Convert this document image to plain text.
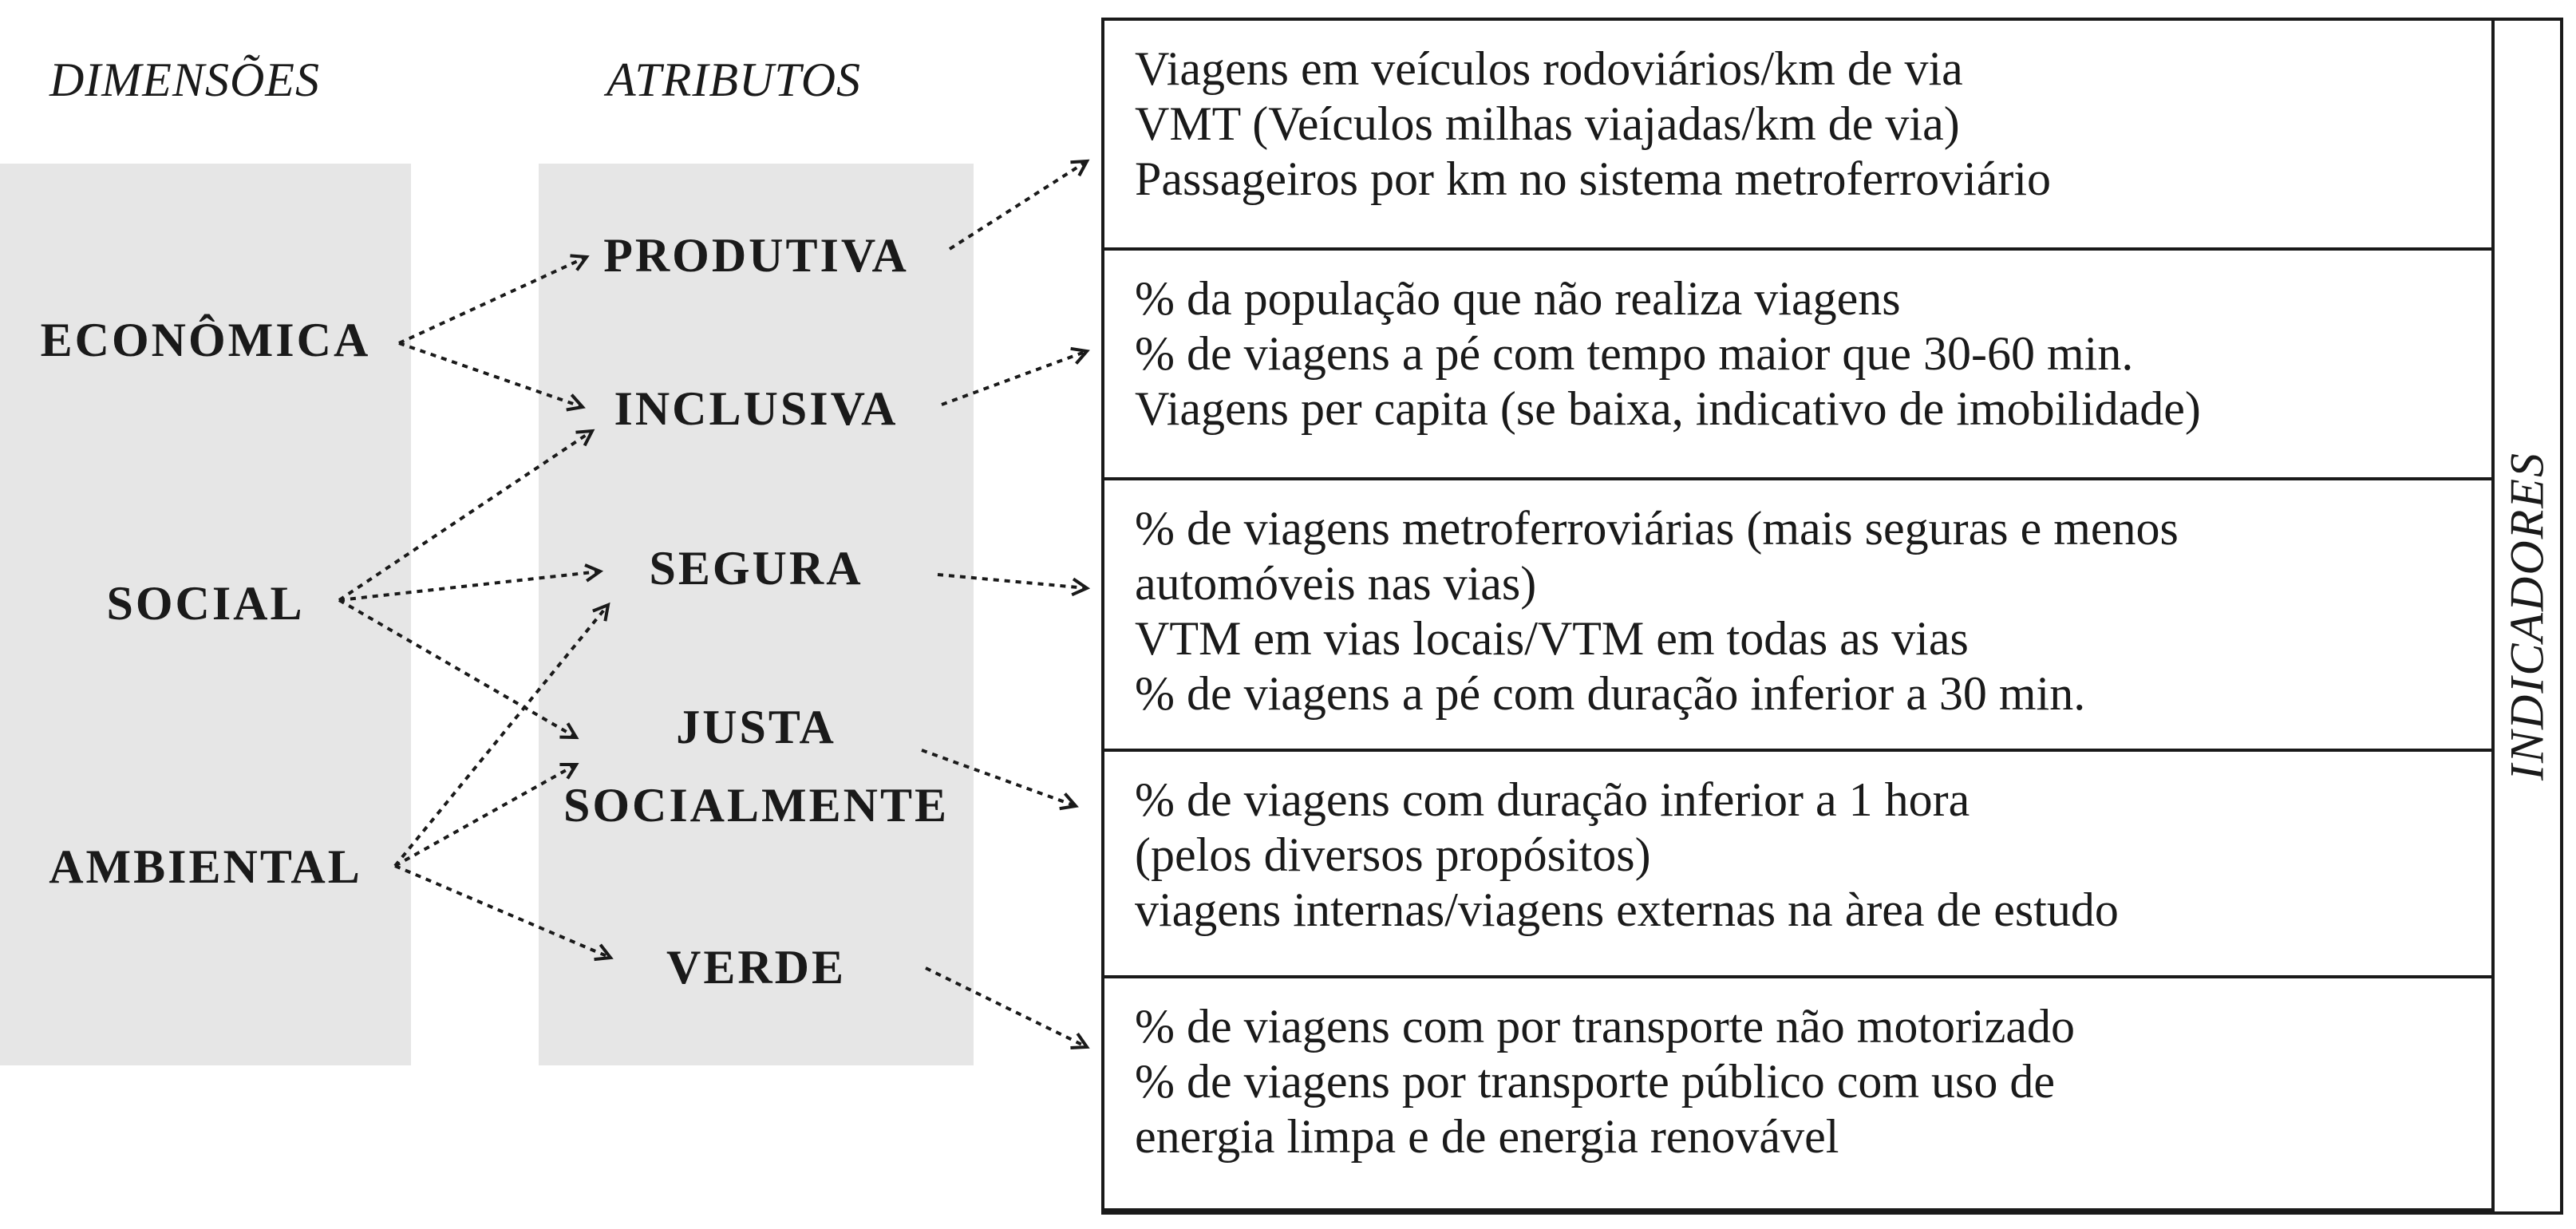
DIMENSÕES	ATRIBUTOS
ECONÔMICA
SOCIAL
AMBIENTAL
PRODUTIVA
INCLUSIVA
SEGURA
JUSTA
SOCIALMENTE
VERDE
Viagens em veículos rodoviários/km de via
VMT (Veículos milhas viajadas/km de via)
Passageiros por km no sistema metroferroviário
% da população que não realiza viagens
% de viagens a pé com tempo maior que 30-60 min.
Viagens per capita (se baixa, indicativo de imobilidade)
% de viagens metroferroviárias (mais seguras e menos
automóveis nas vias)
VTM em vias locais/VTM em todas as vias
% de viagens a pé com duração inferior a 30 min.
% de viagens com duração inferior a 1 hora
(pelos diversos propósitos)
viagens internas/viagens externas na àrea de estudo
% de viagens com por transporte não motorizado
% de viagens por transporte público com uso de
energia limpa e de energia renovável
INDICADORES
